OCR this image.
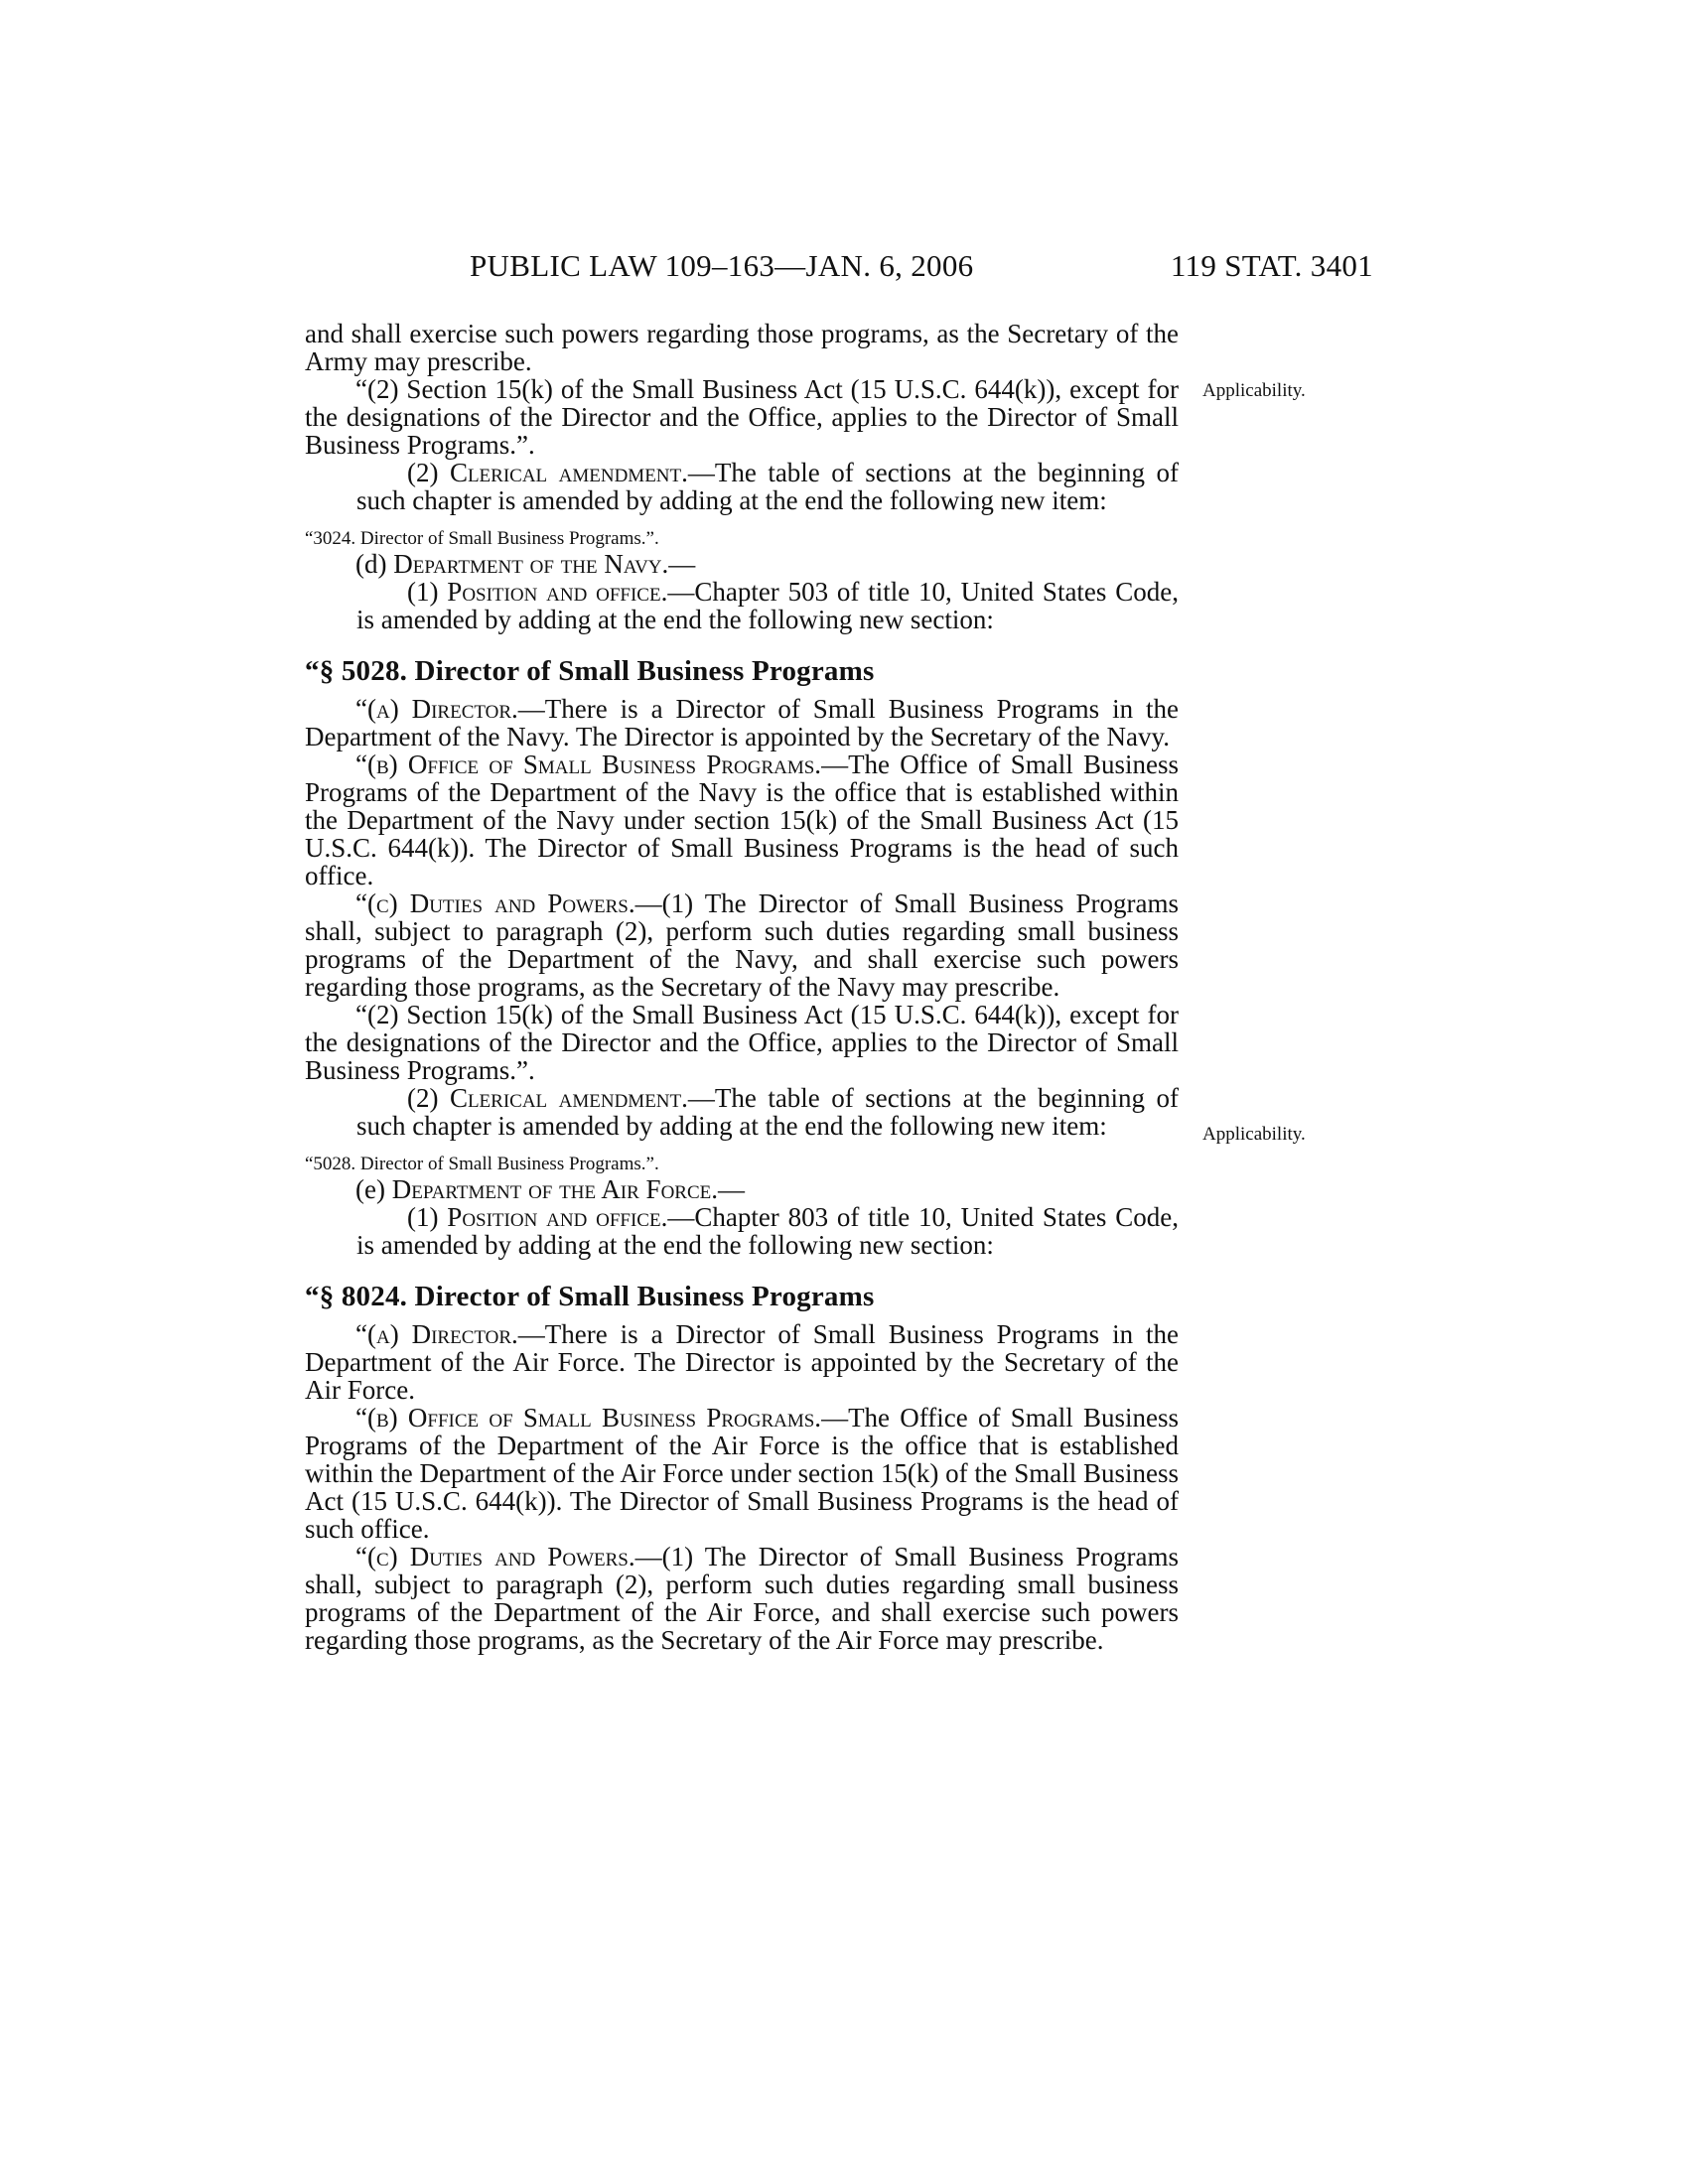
PUBLIC LAW 109–163—JAN. 6, 2006	119 STAT. 3401
Applicability.
Applicability.

and shall exercise such powers regarding those programs, as the Secretary of the Army may prescribe.

“(2) Section 15(k) of the Small Business Act (15 U.S.C. 644(k)), except for the designations of the Director and the Office, applies to the Director of Small Business Programs.”.

(2) Clerical amendment.—The table of sections at the beginning of such chapter is amended by adding at the end the following new item:

“3024. Director of Small Business Programs.”.

(d) Department of the Navy.—

(1) Position and office.—Chapter 503 of title 10, United States Code, is amended by adding at the end the following new section:

“§ 5028. Director of Small Business Programs

“(a) Director.—There is a Director of Small Business Programs in the Department of the Navy. The Director is appointed by the Secretary of the Navy.

“(b) Office of Small Business Programs.—The Office of Small Business Programs of the Department of the Navy is the office that is established within the Department of the Navy under section 15(k) of the Small Business Act (15 U.S.C. 644(k)). The Director of Small Business Programs is the head of such office.

“(c) Duties and Powers.—(1) The Director of Small Business Programs shall, subject to paragraph (2), perform such duties regarding small business programs of the Department of the Navy, and shall exercise such powers regarding those programs, as the Secretary of the Navy may prescribe.

“(2) Section 15(k) of the Small Business Act (15 U.S.C. 644(k)), except for the designations of the Director and the Office, applies to the Director of Small Business Programs.”.

(2) Clerical amendment.—The table of sections at the beginning of such chapter is amended by adding at the end the following new item:

“5028. Director of Small Business Programs.”.

(e) Department of the Air Force.—

(1) Position and office.—Chapter 803 of title 10, United States Code, is amended by adding at the end the following new section:

“§ 8024. Director of Small Business Programs

“(a) Director.—There is a Director of Small Business Programs in the Department of the Air Force. The Director is appointed by the Secretary of the Air Force.

“(b) Office of Small Business Programs.—The Office of Small Business Programs of the Department of the Air Force is the office that is established within the Department of the Air Force under section 15(k) of the Small Business Act (15 U.S.C. 644(k)). The Director of Small Business Programs is the head of such office.

“(c) Duties and Powers.—(1) The Director of Small Business Programs shall, subject to paragraph (2), perform such duties regarding small business programs of the Department of the Air Force, and shall exercise such powers regarding those programs, as the Secretary of the Air Force may prescribe.
